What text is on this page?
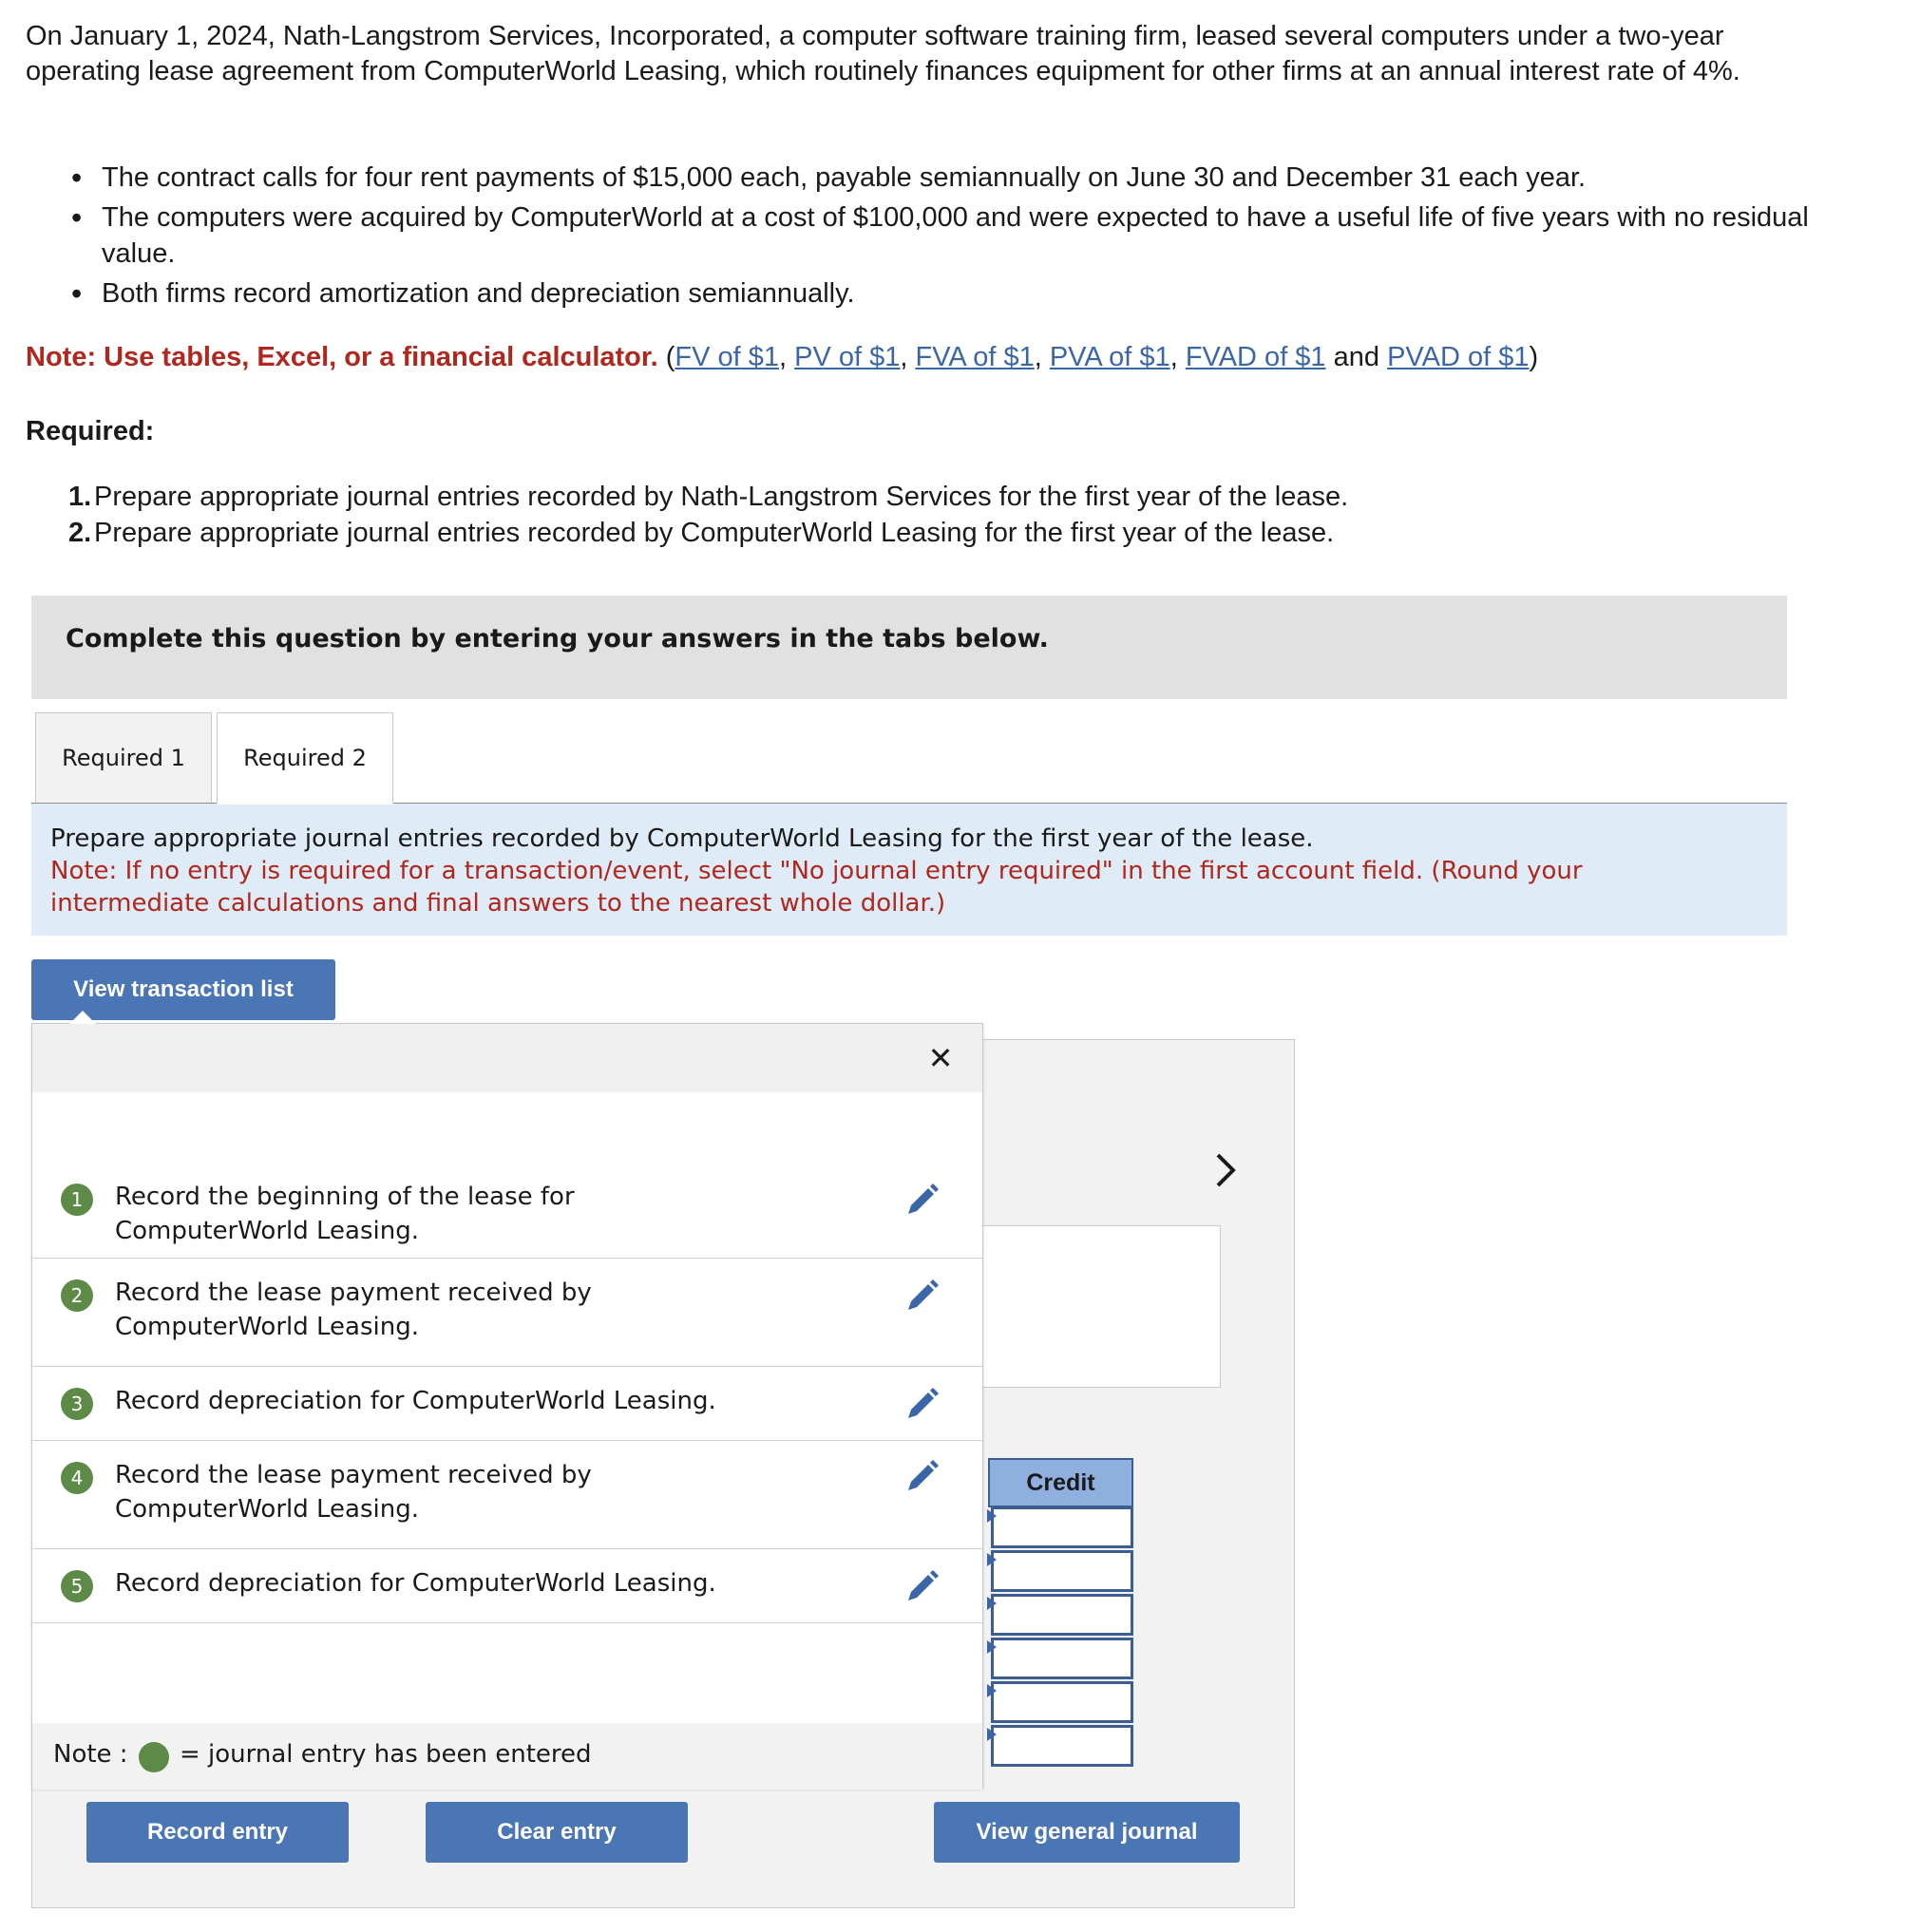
On January 1, 2024, Nath-Langstrom Services, Incorporated, a computer software training firm, leased several computers under a two-year operating lease agreement from ComputerWorld Leasing, which routinely finances equipment for other firms at an annual interest rate of 4%.
• The contract calls for four rent payments of $15,000 each, payable semiannually on June 30 and December 31 each year.
• The computers were acquired by ComputerWorld at a cost of $100,000 and were expected to have a useful life of five years with no residual value.
• Both firms record amortization and depreciation semiannually.
Note: Use tables, Excel, or a financial calculator. (FV of $1, PV of $1, FVA of $1, PVA of $1, FVAD of $1 and PVAD of $1)
Required:
1. Prepare appropriate journal entries recorded by Nath-Langstrom Services for the first year of the lease.
2. Prepare appropriate journal entries recorded by ComputerWorld Leasing for the first year of the lease.
Complete this question by entering your answers in the tabs below.
Required 1	Required 2
Prepare appropriate journal entries recorded by ComputerWorld Leasing for the first year of the lease.
Note: If no entry is required for a transaction/event, select "No journal entry required" in the first account field. (Round your intermediate calculations and final answers to the nearest whole dollar.)
View transaction list
Credit
✕
1	Record the beginning of the lease for ComputerWorld Leasing.
2	Record the lease payment received by ComputerWorld Leasing.
3	Record depreciation for ComputerWorld Leasing.
4	Record the lease payment received by ComputerWorld Leasing.
5	Record depreciation for ComputerWorld Leasing.
Note : = journal entry has been entered
Record entry	Clear entry	View general journal
